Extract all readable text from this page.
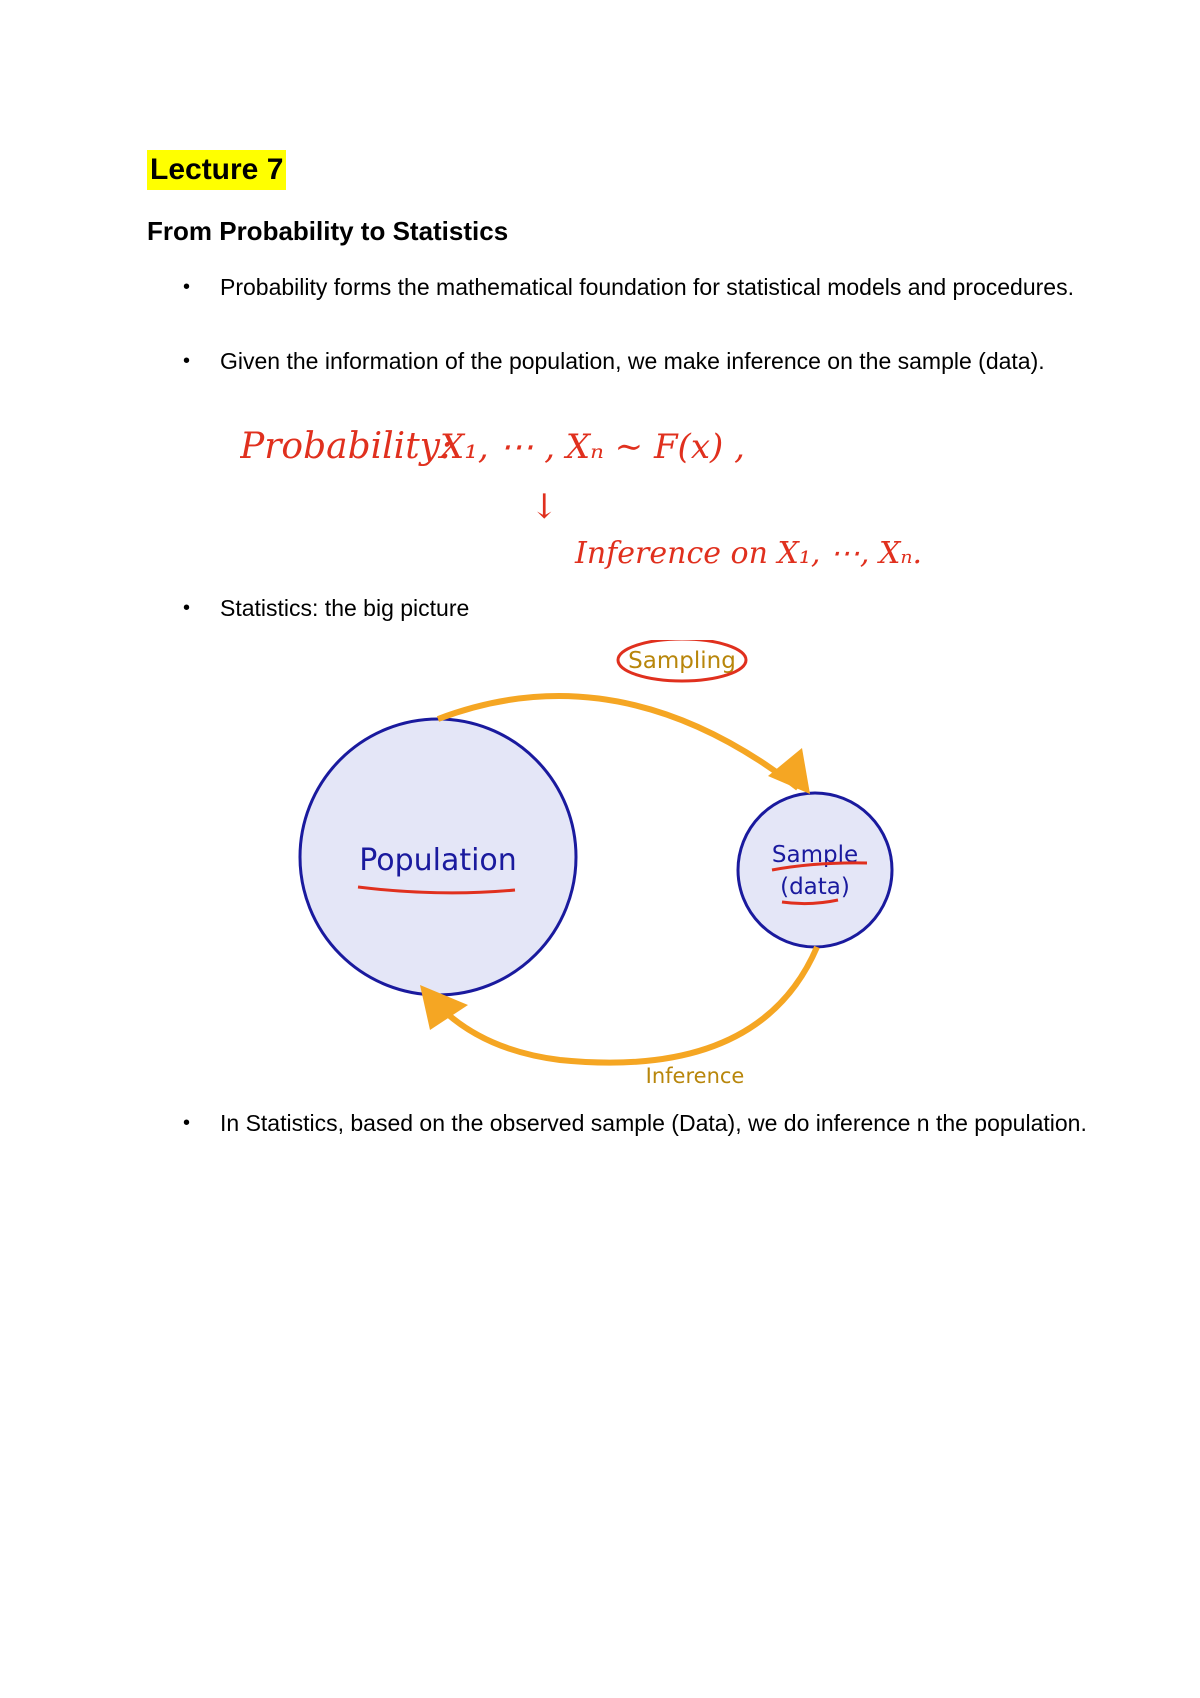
Lecture 7
From Probability to Statistics
• Probability forms the mathematical foundation for statistical models and procedures.
• Given the information of the population, we make inference on the sample (data).
Probability:
X₁, ⋯ , Xₙ ∼ F(x) ,
↓
Inference on X₁, ⋯, Xₙ.
• Statistics: the big picture
Population	Sample
(data)
Sampling
Inference
• In Statistics, based on the observed sample (Data), we do inference n the population.
